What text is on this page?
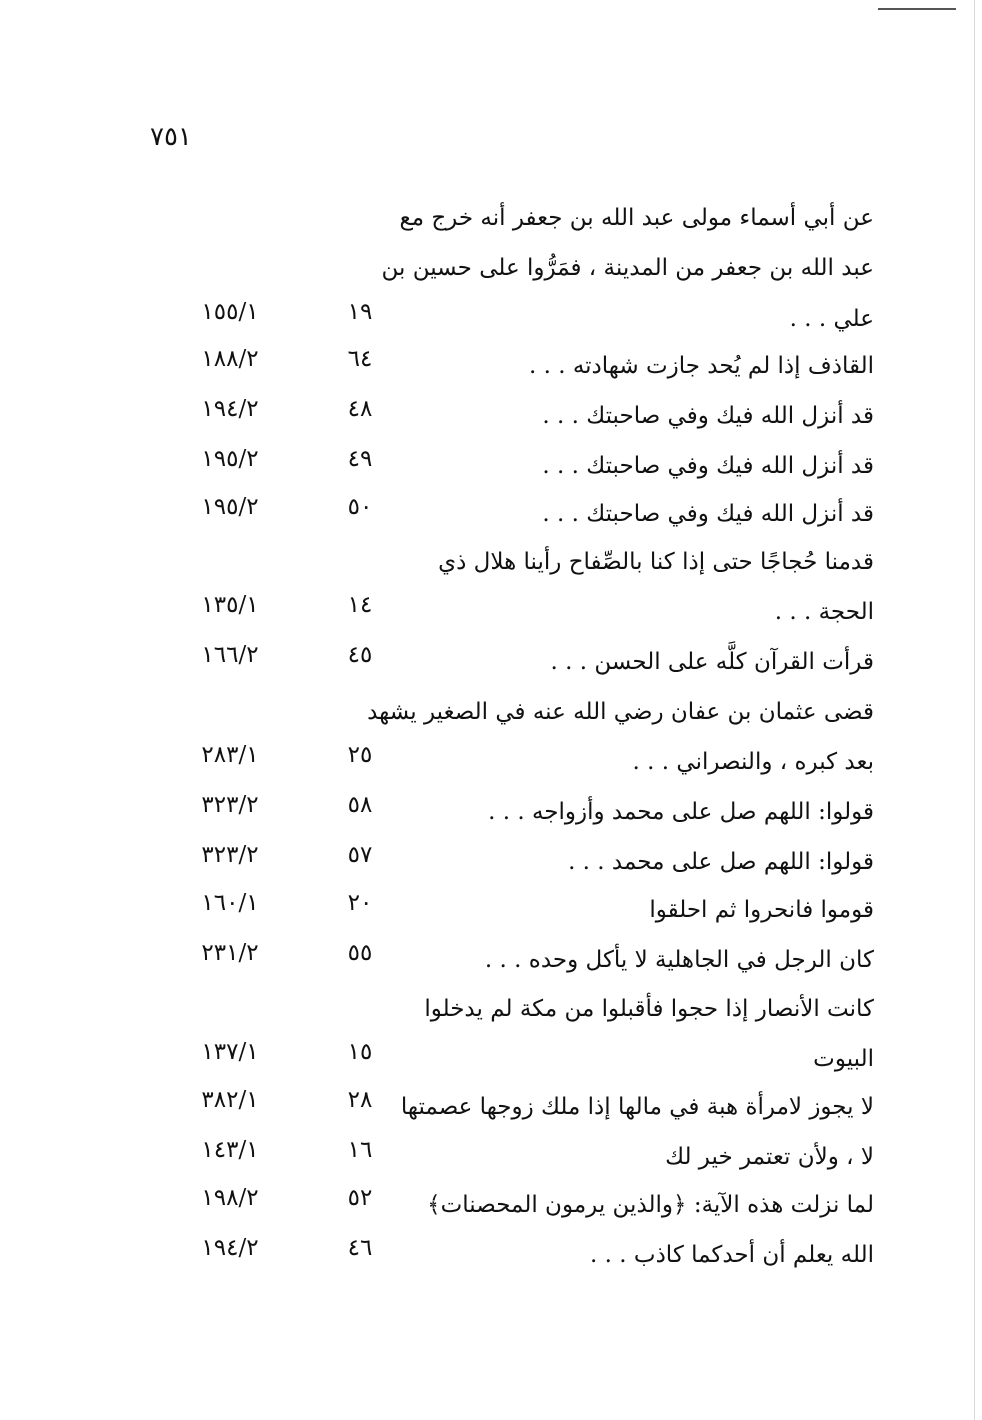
٧٥١
عن أبي أسماء مولى عبد الله بن جعفر أنه خرج مع
عبد الله بن جعفر من المدينة ، فمَرُّوا على حسين بن
علي . . .
١٩
١٥٥/١
القاذف إذا لم يُحد جازت شهادته . . .
٦٤
١٨٨/٢
قد أنزل الله فيك وفي صاحبتك . . .
٤٨
١٩٤/٢
قد أنزل الله فيك وفي صاحبتك . . .
٤٩
١٩٥/٢
قد أنزل الله فيك وفي صاحبتك . . .
٥٠
١٩٥/٢
قدمنا حُجاجًا حتى إذا كنا بالصِّفاح رأينا هلال ذي
الحجة . . .
١٤
١٣٥/١
قرأت القرآن كلَّه على الحسن . . .
٤٥
١٦٦/٢
قضى عثمان بن عفان رضي الله عنه في الصغير يشهد
بعد كبره ، والنصراني . . .
٢٥
٢٨٣/١
قولوا: اللهم صل على محمد وأزواجه . . .
٥٨
٣٢٣/٢
قولوا: اللهم صل على محمد . . .
٥٧
٣٢٣/٢
قوموا فانحروا ثم احلقوا
٢٠
١٦٠/١
كان الرجل في الجاهلية لا يأكل وحده . . .
٥٥
٢٣١/٢
كانت الأنصار إذا حجوا فأقبلوا من مكة لم يدخلوا
البيوت
١٥
١٣٧/١
لا يجوز لامرأة هبة في مالها إذا ملك زوجها عصمتها
٢٨
٣٨٢/١
لا ، ولأن تعتمر خير لك
١٦
١٤٣/١
لما نزلت هذه الآية: ﴿والذين يرمون المحصنات﴾
٥٢
١٩٨/٢
الله يعلم أن أحدكما كاذب . . .
٤٦
١٩٤/٢
